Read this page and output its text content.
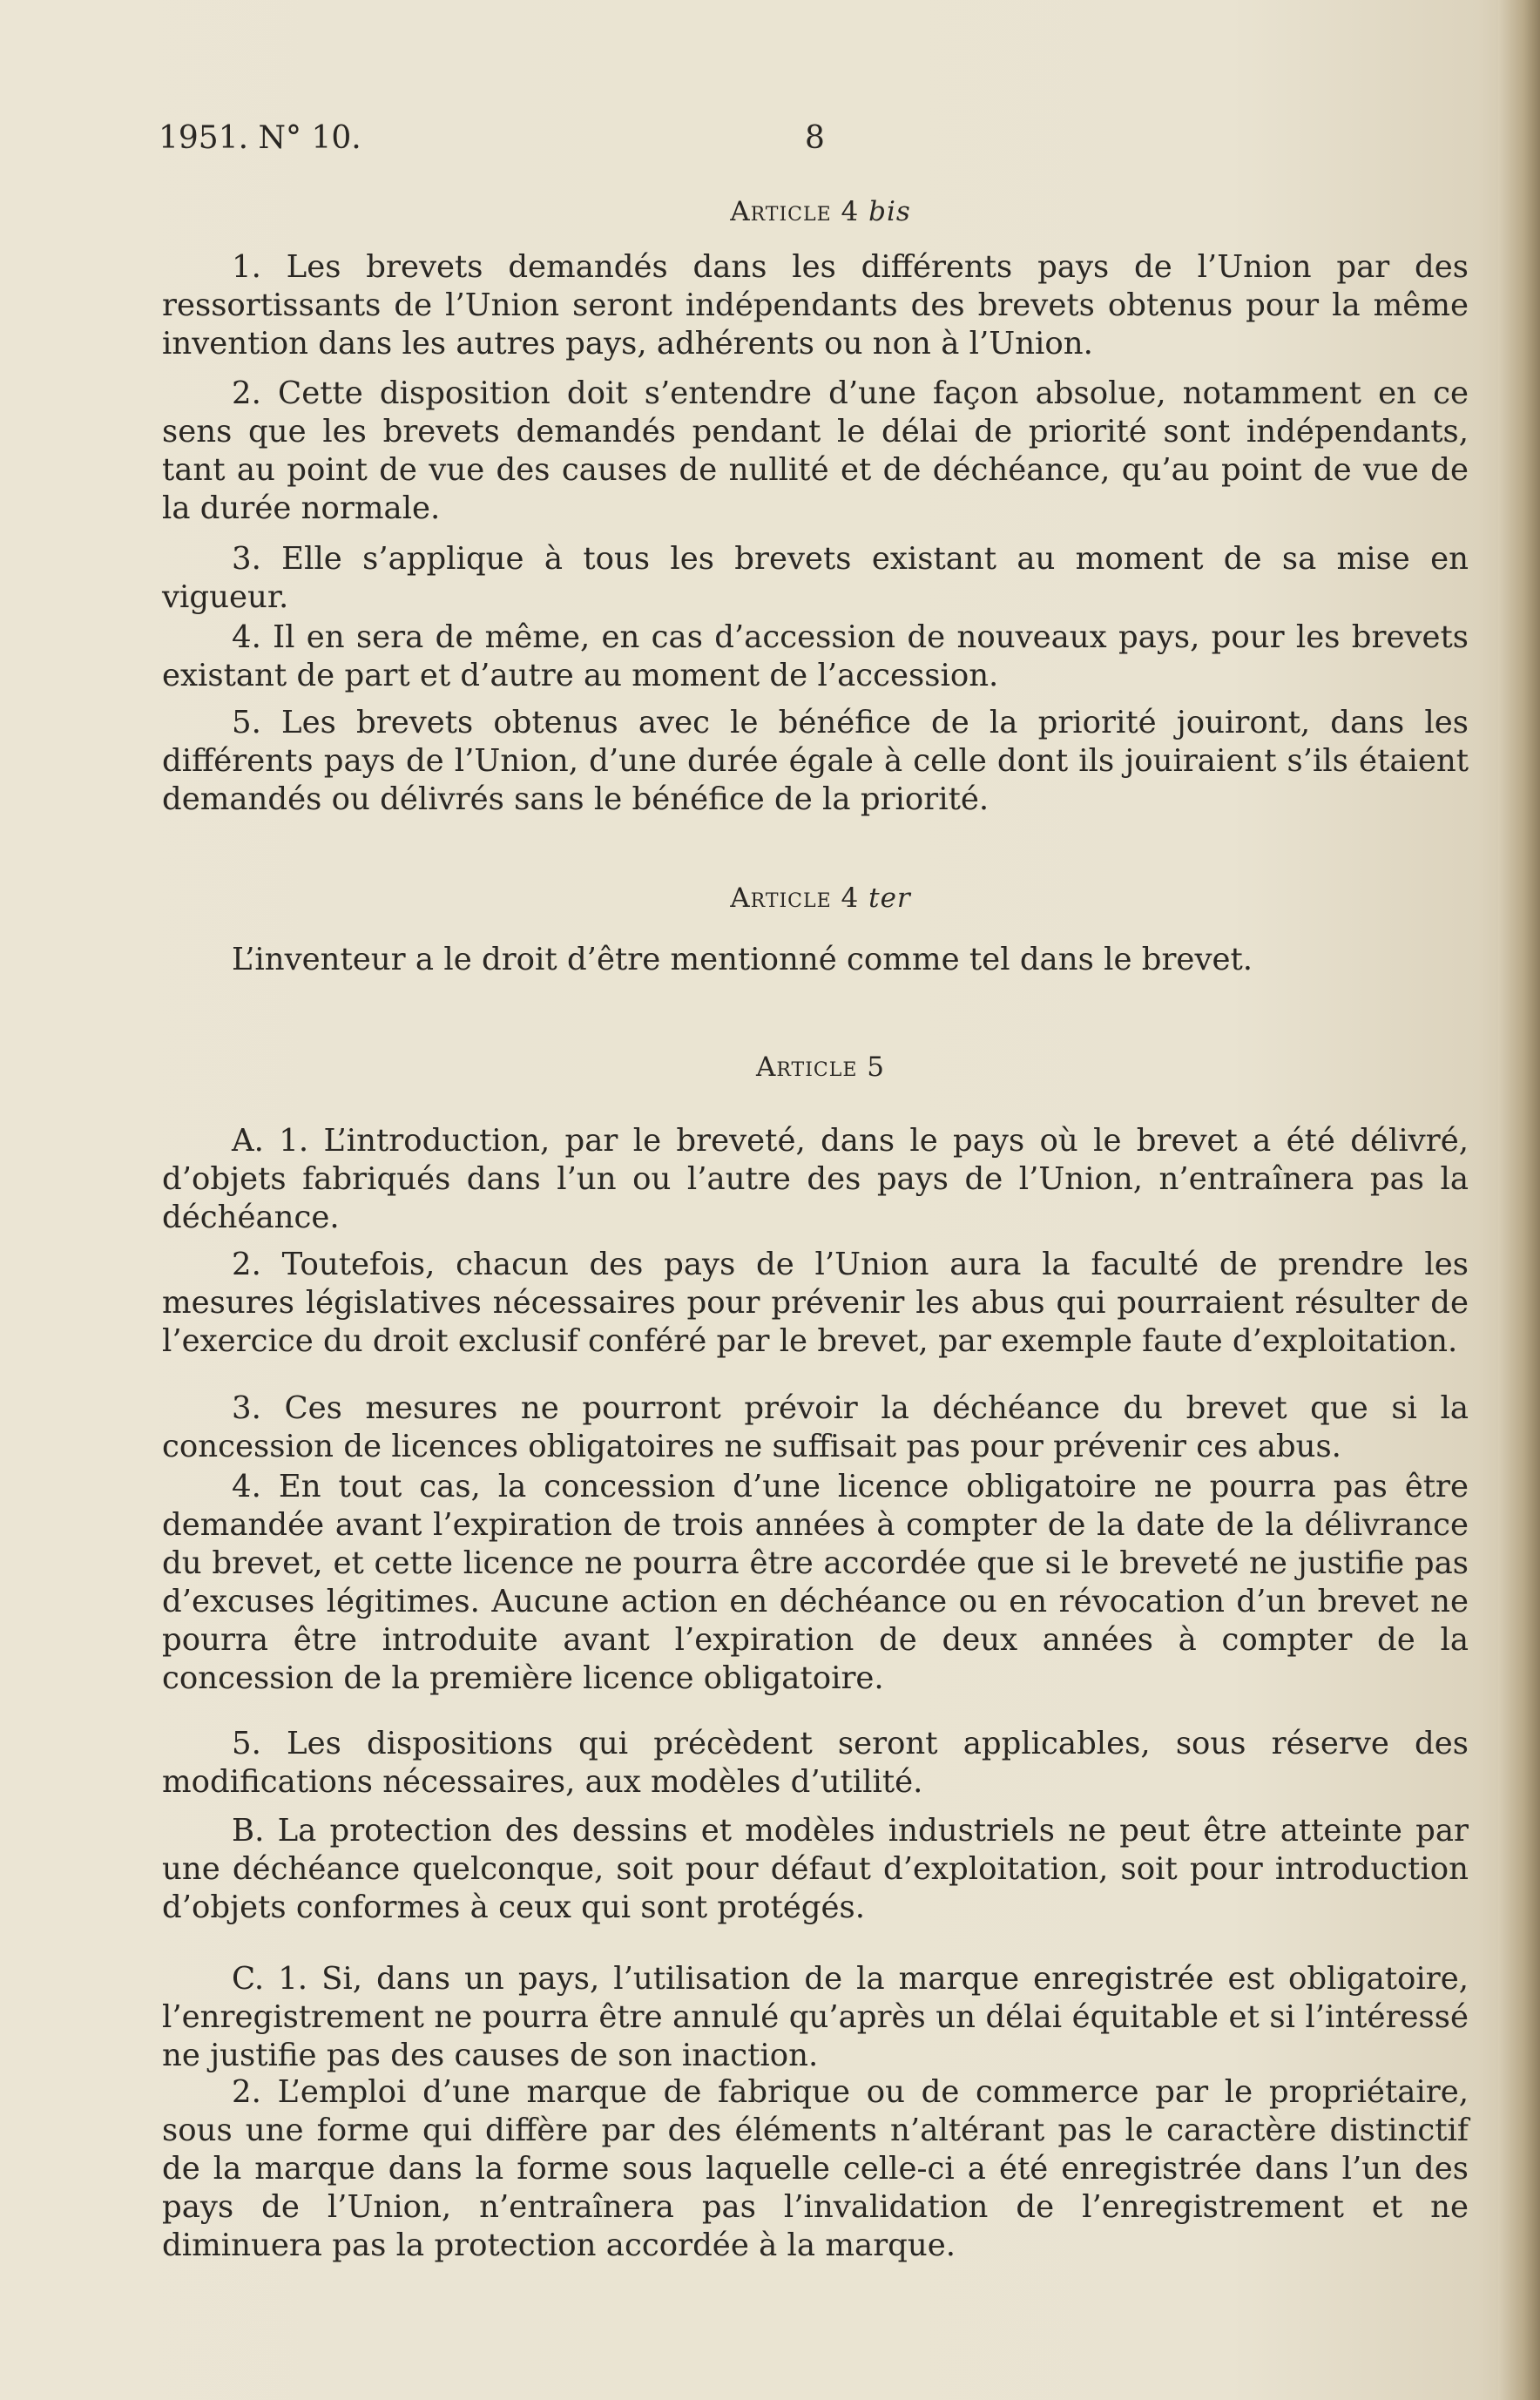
1951. N° 10.	8
Article 4 bis
1. Les brevets demandés dans les différents pays de l’Union par des ressortissants de l’Union seront indépendants des brevets obtenus pour la même invention dans les autres pays, adhérents ou non à l’Union.
2. Cette disposition doit s’entendre d’une façon absolue, notamment en ce sens que les brevets demandés pendant le délai de priorité sont indépendants, tant au point de vue des causes de nullité et de déchéance, qu’au point de vue de la durée normale.
3. Elle s’applique à tous les brevets existant au moment de sa mise en vigueur.
4. Il en sera de même, en cas d’accession de nouveaux pays, pour les brevets existant de part et d’autre au moment de l’accession.
5. Les brevets obtenus avec le bénéfice de la priorité jouiront, dans les différents pays de l’Union, d’une durée égale à celle dont ils jouiraient s’ils étaient demandés ou délivrés sans le bénéfice de la priorité.
Article 4 ter
L’inventeur a le droit d’être mentionné comme tel dans le brevet.
Article 5
A. 1. L’introduction, par le breveté, dans le pays où le brevet a été délivré, d’objets fabriqués dans l’un ou l’autre des pays de l’Union, n’entraînera pas la déchéance.
2. Toutefois, chacun des pays de l’Union aura la faculté de prendre les mesures législatives nécessaires pour prévenir les abus qui pourraient résulter de l’exercice du droit exclusif conféré par le brevet, par exemple faute d’exploitation.
3. Ces mesures ne pourront prévoir la déchéance du brevet que si la concession de licences obligatoires ne suffisait pas pour prévenir ces abus.
4. En tout cas, la concession d’une licence obligatoire ne pourra pas être demandée avant l’expiration de trois années à compter de la date de la délivrance du brevet, et cette licence ne pourra être accordée que si le breveté ne justifie pas d’excuses légitimes. Aucune action en déchéance ou en révocation d’un brevet ne pourra être introduite avant l’expiration de deux années à compter de la concession de la première licence obligatoire.
5. Les dispositions qui précèdent seront applicables, sous réserve des modifications nécessaires, aux modèles d’utilité.
B. La protection des dessins et modèles industriels ne peut être atteinte par une déchéance quelconque, soit pour défaut d’exploitation, soit pour introduction d’objets conformes à ceux qui sont protégés.
C. 1. Si, dans un pays, l’utilisation de la marque enregistrée est obligatoire, l’enregistrement ne pourra être annulé qu’après un délai équitable et si l’intéressé ne justifie pas des causes de son inaction.
2. L’emploi d’une marque de fabrique ou de commerce par le propriétaire, sous une forme qui diffère par des éléments n’altérant pas le caractère distinctif de la marque dans la forme sous laquelle celle-ci a été enregistrée dans l’un des pays de l’Union, n’entraînera pas l’invalidation de l’enregistrement et ne diminuera pas la protection accordée à la marque.
